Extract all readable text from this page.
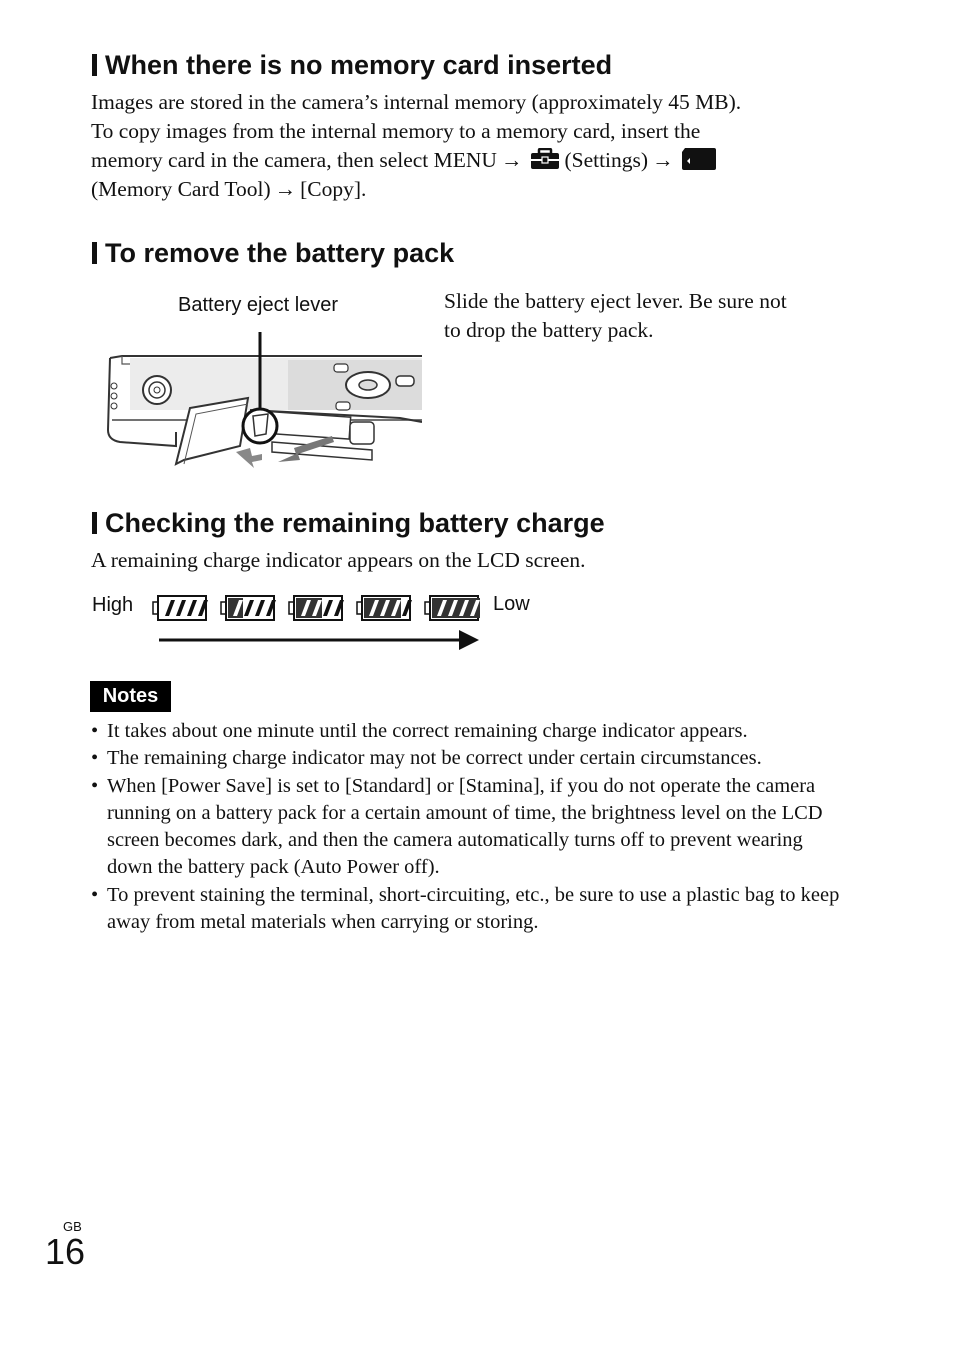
When there is no memory card inserted
Images are stored in the camera’s internal memory (approximately 45 MB).
To copy images from the internal memory to a memory card, insert the
memory card in the camera, then select MENU → (Settings) →
(Memory Card Tool) → [Copy].
To remove the battery pack
Battery eject lever	Slide the battery eject lever. Be sure not
to drop the battery pack.
Checking the remaining battery charge
A remaining charge indicator appears on the LCD screen.
High	Low
Notes
• It takes about one minute until the correct remaining charge indicator appears.
• The remaining charge indicator may not be correct under certain circumstances.
• When [Power Save] is set to [Standard] or [Stamina], if you do not operate the camera running on a battery pack for a certain amount of time, the brightness level on the LCD screen becomes dark, and then the camera automatically turns off to prevent wearing down the battery pack (Auto Power off).
• To prevent staining the terminal, short-circuiting, etc., be sure to use a plastic bag to keep away from metal materials when carrying or storing.
GB
16
